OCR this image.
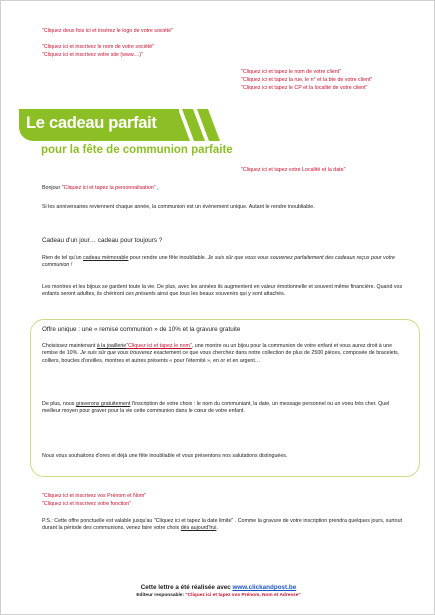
"Cliquez deux fois ici et insérez le logo de votre société"
"Cliquez ici et inscrivez le nom de votre société"
"Cliquez ici et inscrivez votre site (www....)"
"Cliquez ici et tapez le nom de votre client"
"Cliquez ici et tapez la rue, le n° et la bte de votre client"
"Cliquez ici et tapez le CP et la localité de votre client"
Le cadeau parfait
pour la fête de communion parfaite
"Cliquez ici et tapez votre Localité et la date"
Bonjour "Cliquez ici et tapez la personnalisation" ,
Si les anniversaires reviennent chaque année, la communion est un évènement unique. Autant le rendre inoubliable.
Cadeau d'un jour… cadeau pour toujours ?
Rien de tel qu'un cadeau mémorable pour rendre une fête inoubliable. Je suis sûr que vous vous souvenez parfaitement des cadeaux reçus pour votre communion !
Les montres et les bijoux se gardent toute la vie. De plus, avec les années ils augmentent en valeur émotionnelle et souvent même financière. Quand vos enfants seront adultes, ils chériront ces présents ainsi que tous les beaux souvenirs qui y sont attachés.
Offre unique : une « remise communion » de 10% et la gravure gratuite
Choisissez maintenant à la joaillerie"Cliquez ici et tapez le nom", une montre ou un bijou pour la communion de votre enfant et vous aurez droit à une remise de 10%. Je suis sûr que vous trouverez exactement ce que vous cherchez dans notre collection de plus de 2500 pièces, composée de bracelets, colliers, boucles d'oreilles, montres et autres présents « pour l'éternité », en or et en argent…
De plus, nous graverons gratuitement l'inscription de votre choix : le nom du communiant, la date, un message personnel ou un voeu très cher. Quel meilleur moyen pour graver pour la vie cette communion dans le cœur de votre enfant.
Nous vous souhaitons d'ores et déjà une fête inoubliable et vous présentons nos salutations distinguées.
"Cliquez ici et inscrivez vos Prénom et Nom"
"Cliquez ici et inscrivez votre fonction"
P.S.: Cette offre ponctuelle est valable jusqu'au "Cliquez ici et tapez la date limite" . Comme la gravure de votre inscription prendra quelques jours, surtout durant la période des communions, venez faire votre choix dès aujourd'hui.
Cette lettre a été réalisée avec www.clickandpost.be
Editeur responsable: "Cliquez ici et tapez vos Prénom, Nom et Adresse"
